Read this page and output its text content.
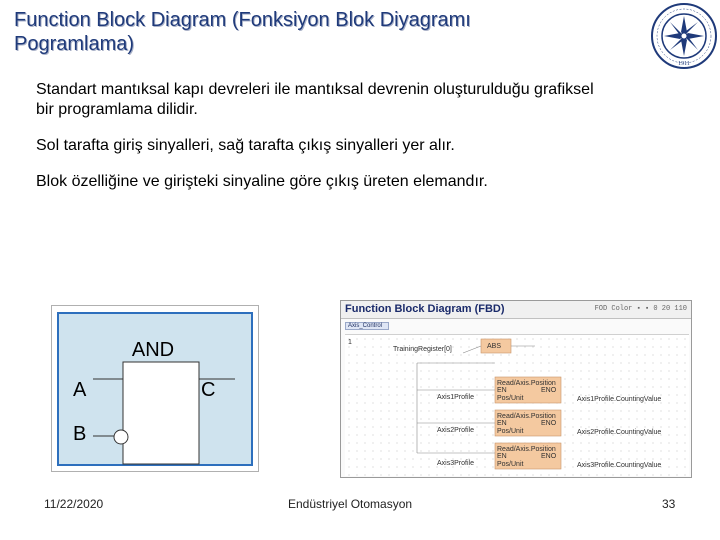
Function Block Diagram (Fonksiyon Blok Diyagramı
Pogramlama)
1911
Standart mantıksal kapı devreleri ile mantıksal devrenin oluşturulduğu grafiksel
bir programlama dilidir.
Sol tarafta giriş sinyalleri, sağ tarafta çıkış sinyalleri yer alır.
Blok özelliğine ve girişteki sinyaline göre çıkış üreten elemandır.
AND
A
B
C
Function Block Diagram (FBD)	FOD Color ▪ ▪ 0 20 110
Axis_Control
1
TrainingRegister[0]	ABS
Read/Axis.Position
EN	ENO
Pos/Unit
Axis1Profile	Axis1Profile.CountingValue
Read/Axis.Position
EN	ENO
Pos/Unit
Axis2Profile	Axis2Profile.CountingValue
Read/Axis.Position
EN	ENO
Pos/Unit
Axis3Profile	Axis3Profile.CountingValue
11/22/2020	Endüstriyel Otomasyon	33
